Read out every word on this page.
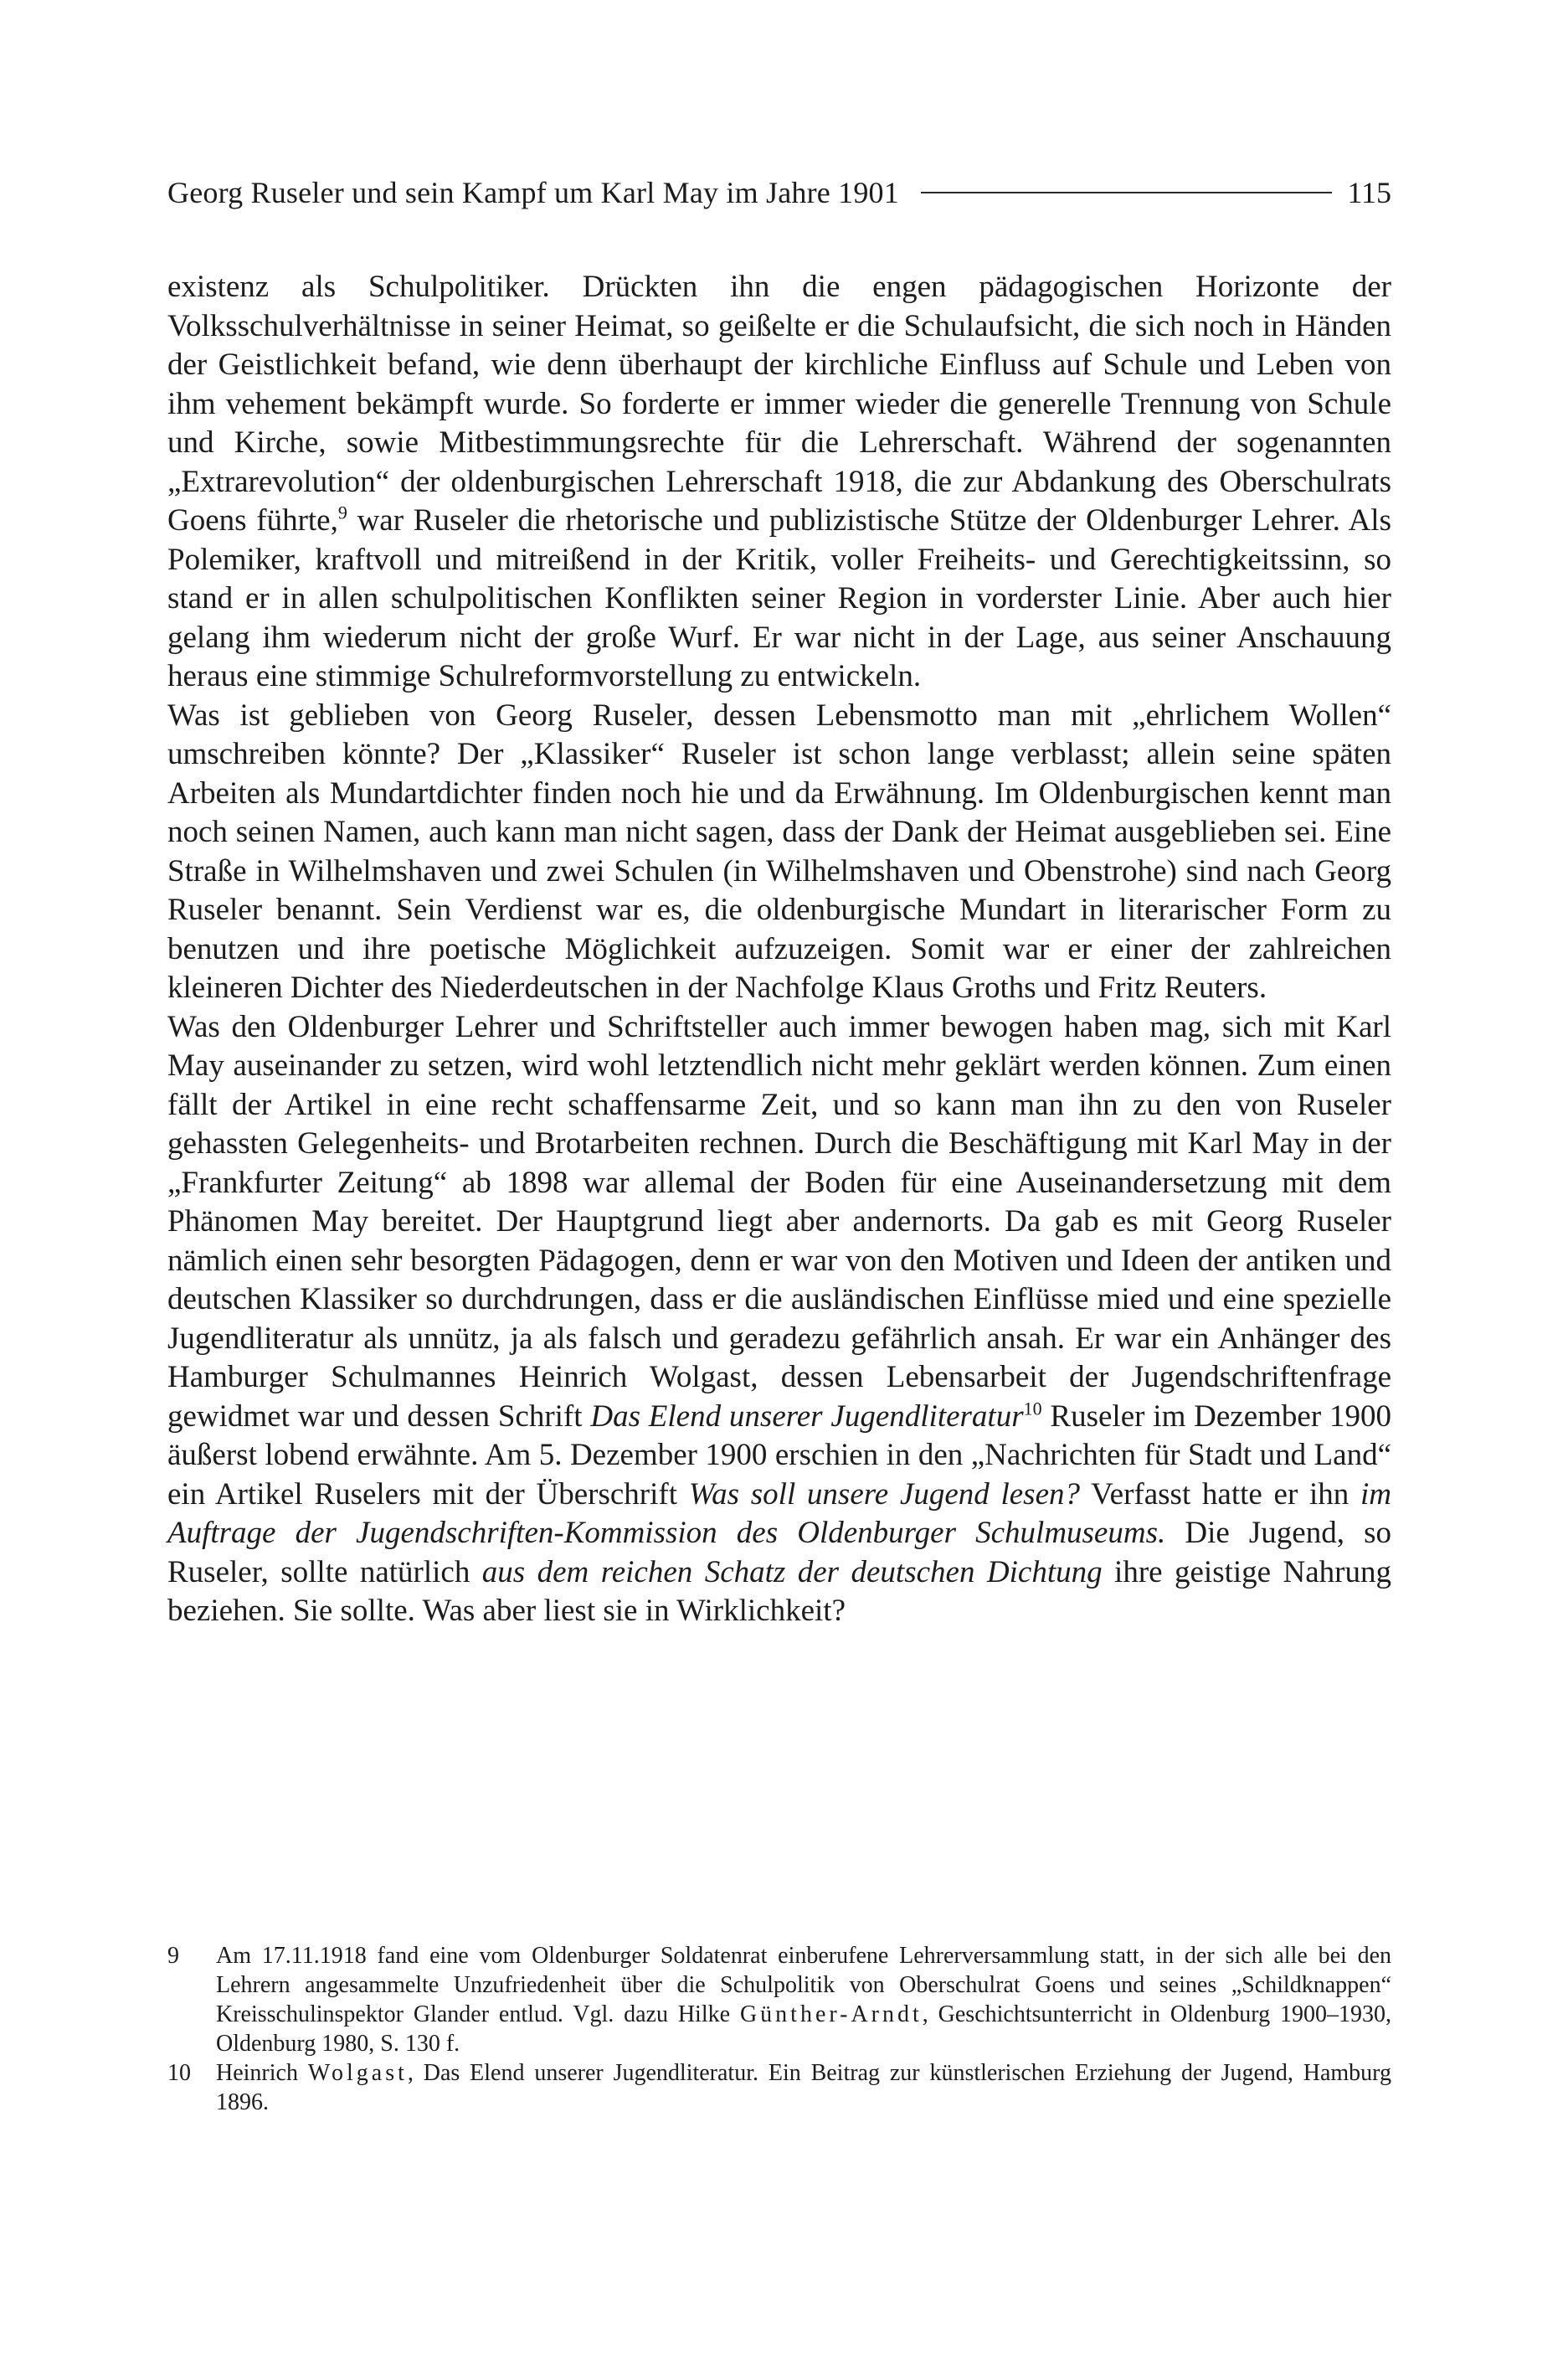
Georg Ruseler und sein Kampf um Karl May im Jahre 1901	115

existenz als Schulpolitiker. Drückten ihn die engen pädagogischen Horizonte der Volksschulverhältnisse in seiner Heimat, so geißelte er die Schulaufsicht, die sich noch in Händen der Geistlichkeit befand, wie denn überhaupt der kirchliche Einfluss auf Schule und Leben von ihm vehement bekämpft wurde. So forderte er immer wieder die generelle Trennung von Schule und Kirche, sowie Mitbestimmungsrechte für die Lehrerschaft. Während der sogenannten „Extrarevolution“ der oldenburgischen Lehrerschaft 1918, die zur Abdankung des Oberschulrats Goens führte,$^9$ war Ruseler die rhetorische und publizistische Stütze der Oldenburger Lehrer. Als Polemiker, kraftvoll und mitreißend in der Kritik, voller Freiheits- und Gerechtigkeitssinn, so stand er in allen schulpolitischen Konflikten seiner Region in vorderster Linie. Aber auch hier gelang ihm wiederum nicht der große Wurf. Er war nicht in der Lage, aus seiner Anschauung heraus eine stimmige Schulreformvorstellung zu entwickeln.

Was ist geblieben von Georg Ruseler, dessen Lebensmotto man mit „ehrlichem Wollen“ umschreiben könnte? Der „Klassiker“ Ruseler ist schon lange verblasst; allein seine späten Arbeiten als Mundartdichter finden noch hie und da Erwähnung. Im Oldenburgischen kennt man noch seinen Namen, auch kann man nicht sagen, dass der Dank der Heimat ausgeblieben sei. Eine Straße in Wilhelmshaven und zwei Schulen (in Wilhelmshaven und Obenstrohe) sind nach Georg Ruseler benannt. Sein Verdienst war es, die oldenburgische Mundart in literarischer Form zu benutzen und ihre poetische Möglichkeit aufzuzeigen. Somit war er einer der zahlreichen kleineren Dichter des Niederdeutschen in der Nachfolge Klaus Groths und Fritz Reuters.

Was den Oldenburger Lehrer und Schriftsteller auch immer bewogen haben mag, sich mit Karl May auseinander zu setzen, wird wohl letztendlich nicht mehr geklärt werden können. Zum einen fällt der Artikel in eine recht schaffensarme Zeit, und so kann man ihn zu den von Ruseler gehassten Gelegenheits- und Brotarbeiten rechnen. Durch die Beschäftigung mit Karl May in der „Frankfurter Zeitung“ ab 1898 war allemal der Boden für eine Auseinandersetzung mit dem Phänomen May bereitet. Der Hauptgrund liegt aber andernorts. Da gab es mit Georg Ruseler nämlich einen sehr besorgten Pädagogen, denn er war von den Motiven und Ideen der antiken und deutschen Klassiker so durchdrungen, dass er die ausländischen Einflüsse mied und eine spezielle Jugendliteratur als unnütz, ja als falsch und geradezu gefährlich ansah. Er war ein Anhänger des Hamburger Schulmannes Heinrich Wolgast, dessen Lebensarbeit der Jugendschriftenfrage gewidmet war und dessen Schrift Das Elend unserer Jugendliteratur$^{10}$ Ruseler im Dezember 1900 äußerst lobend erwähnte. Am 5. Dezember 1900 erschien in den „Nachrichten für Stadt und Land“ ein Artikel Ruselers mit der Überschrift Was soll unsere Jugend lesen? Verfasst hatte er ihn im Auftrage der Jugendschriften-Kommission des Oldenburger Schulmuseums. Die Jugend, so Ruseler, sollte natürlich aus dem reichen Schatz der deutschen Dichtung ihre geistige Nahrung beziehen. Sie sollte. Was aber liest sie in Wirklichkeit?

9	Am 17.11.1918 fand eine vom Oldenburger Soldatenrat einberufene Lehrerversammlung statt, in der sich alle bei den Lehrern angesammelte Unzufriedenheit über die Schulpolitik von Oberschulrat Goens und seines „Schildknappen“ Kreisschulinspektor Glander entlud. Vgl. dazu Hilke Günther-Arndt, Geschichtsunterricht in Oldenburg 1900–1930, Oldenburg 1980, S. 130 f.
10	Heinrich Wolgast, Das Elend unserer Jugendliteratur. Ein Beitrag zur künstlerischen Erziehung der Jugend, Hamburg 1896.
